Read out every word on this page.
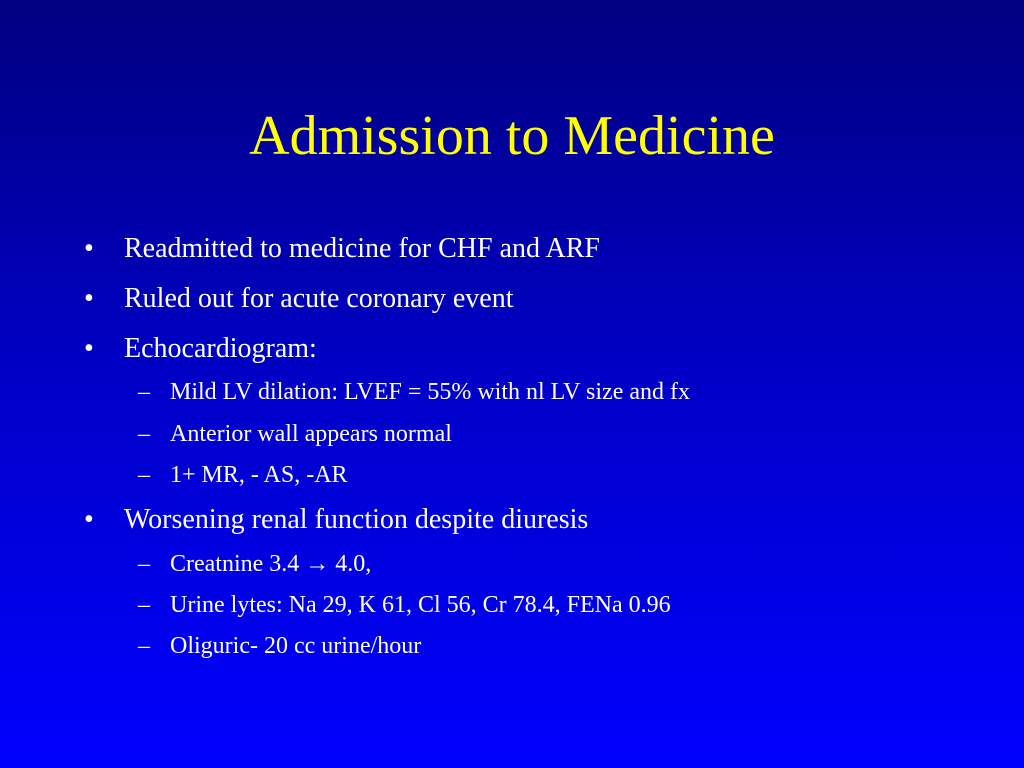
Admission to Medicine
• Readmitted to medicine for CHF and ARF
• Ruled out for acute coronary event
• Echocardiogram:
– Mild LV dilation: LVEF = 55% with nl LV size and fx
– Anterior wall appears normal
– 1+ MR, - AS, -AR
• Worsening renal function despite diuresis
– Creatnine 3.4 → 4.0,
– Urine lytes: Na 29, K 61, Cl 56, Cr 78.4, FENa 0.96
– Oliguric- 20 cc urine/hour
